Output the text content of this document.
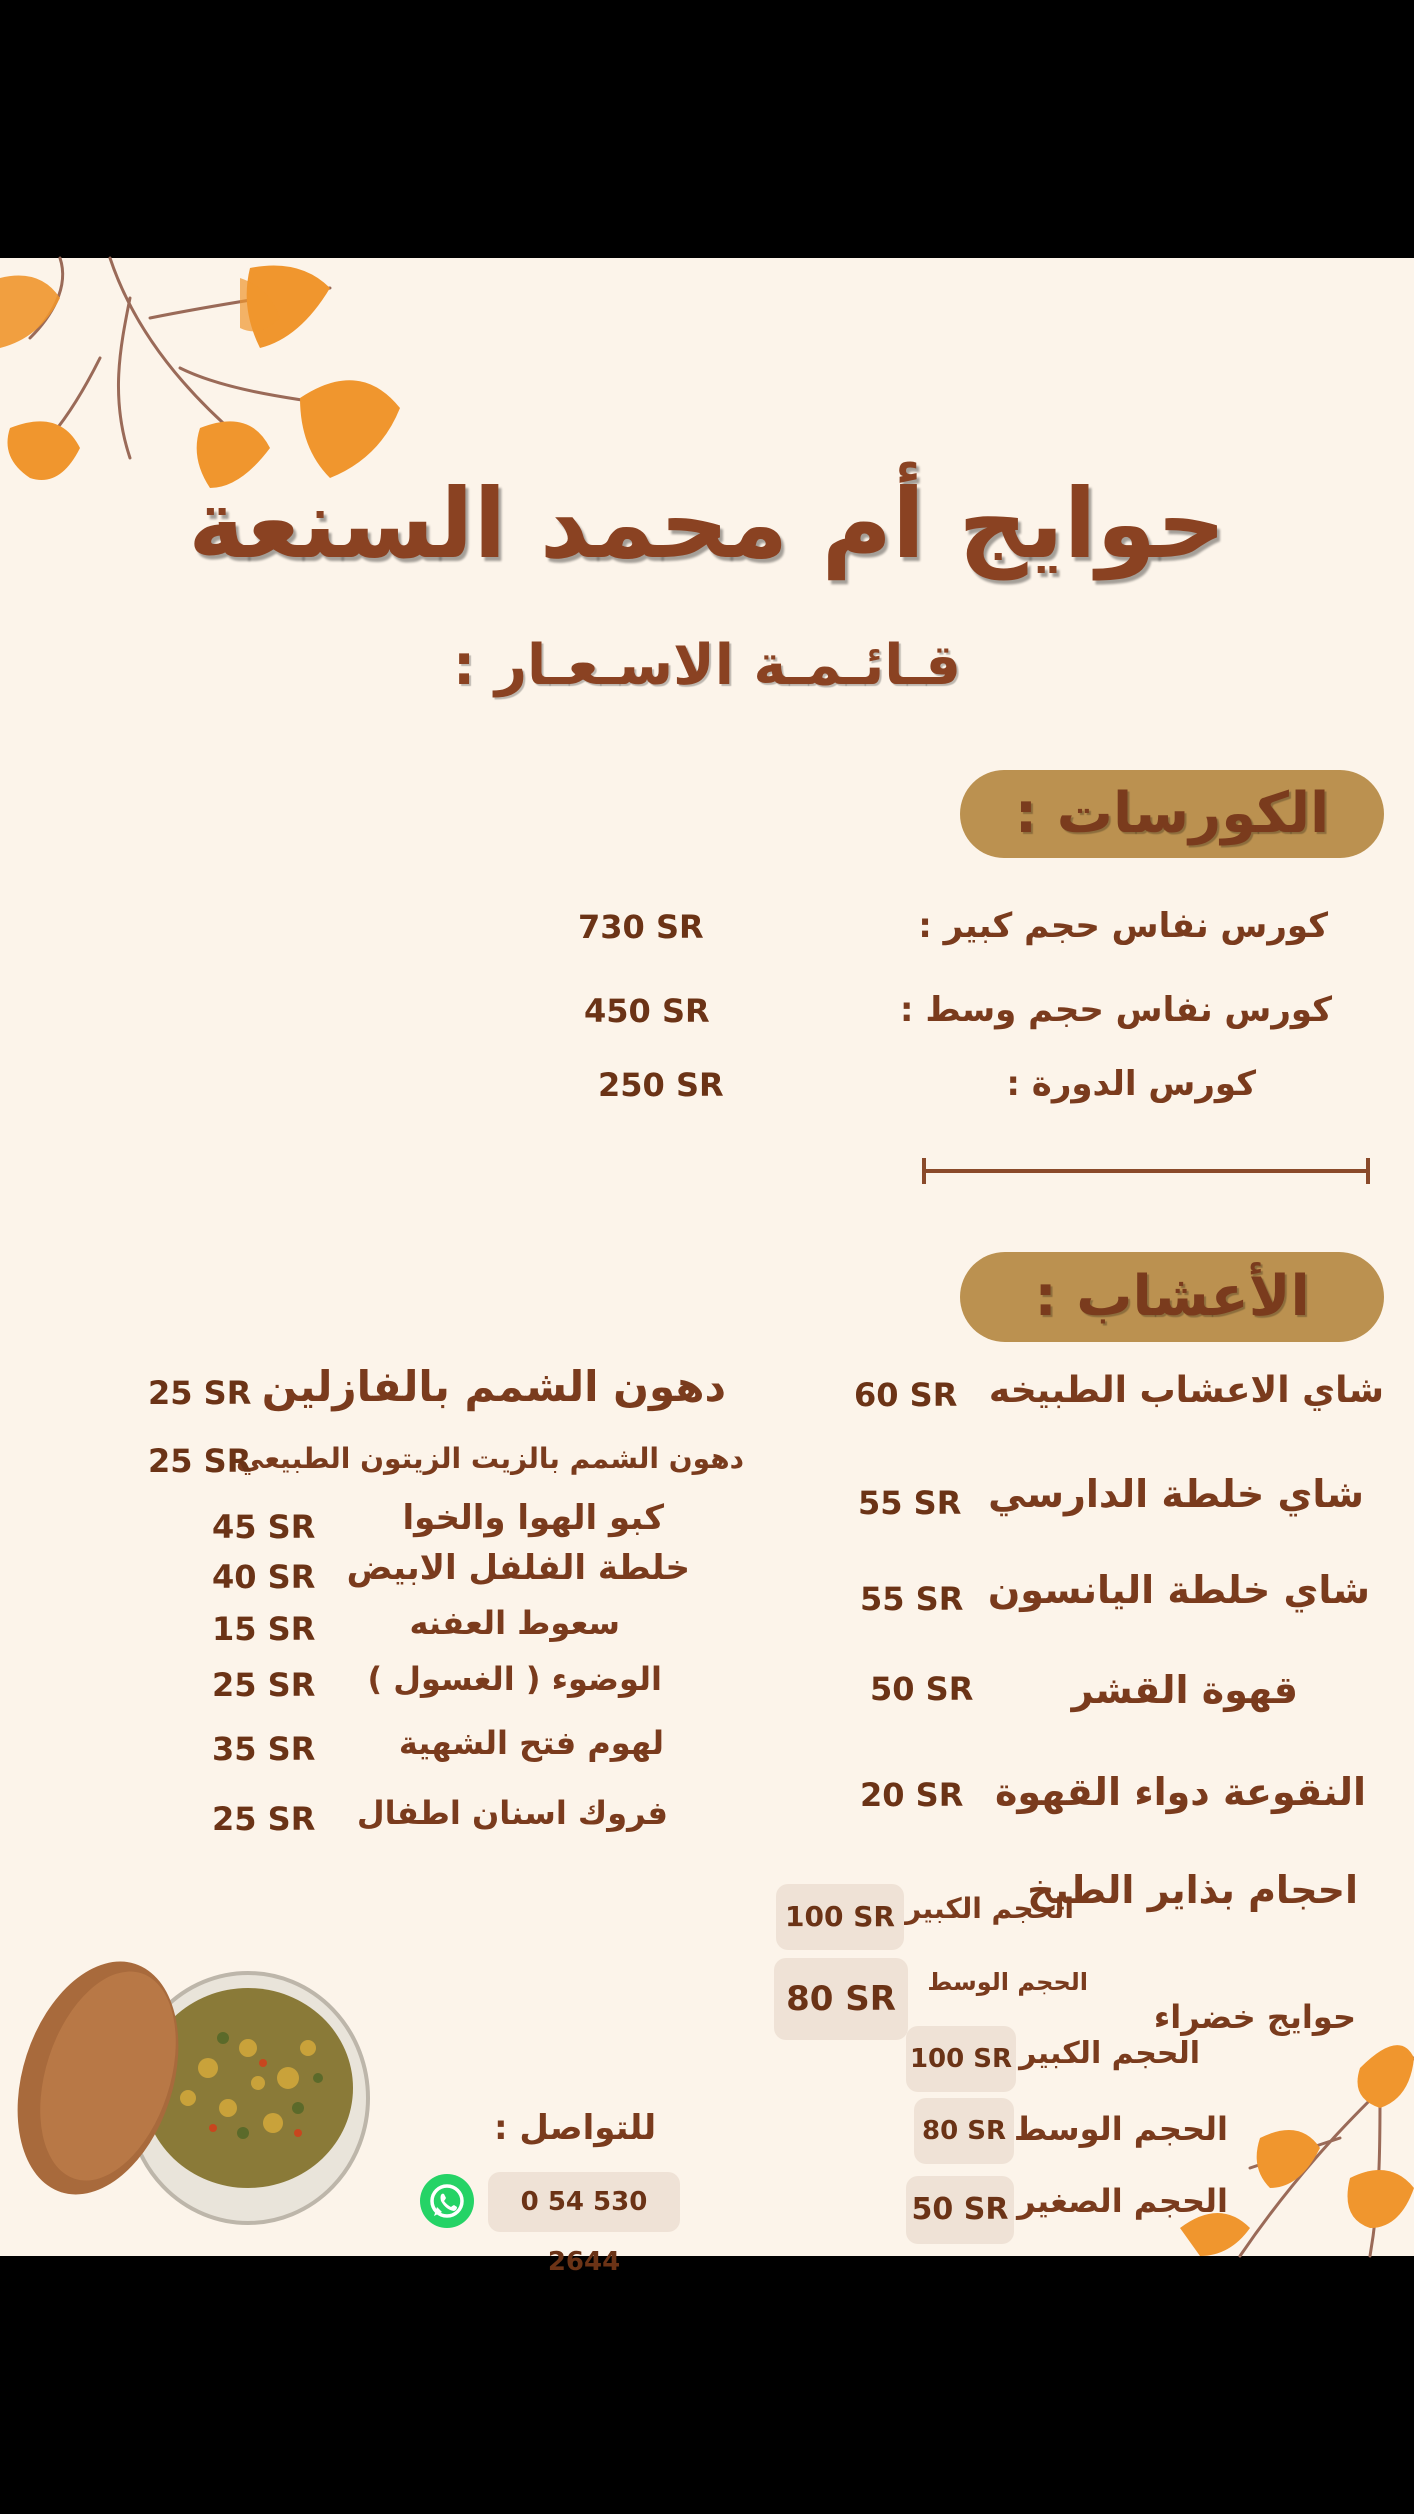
حوايج أم محمد السنعة
قـائـمـة الاسـعـار :
الكورسات :
كورس نفاس حجم كبير :
730 SR
كورس نفاس حجم وسط :
450 SR
كورس الدورة :
250 SR
الأعشاب :
شاي الاعشاب الطبيخه
60 SR
شاي خلطة الدارسي
55 SR
شاي خلطة اليانسون
55 SR
قهوة القشر
50 SR
النقوعة دواء القهوة
20 SR
دهون الشمم بالفازلين
25 SR
دهون الشمم بالزيت الزيتون الطبيعي
25 SR
كبو الهوا والخوا
45 SR
خلطة الفلفل الابيض
40 SR
سعوط العفنه
15 SR
الوضوء ( الغسول )
25 SR
لهوم فتح الشهية
35 SR
فروك اسنان اطفال
25 SR
احجام بذاير الطبخ
الحجم الكبير
100 SR
الحجم الوسط
80 SR	حوايج خضراء
الحجم الكبير
100 SR
الحجم الوسط
80 SR
الحجم الصغير
50 SR
للتواصل :
0 54 530 2644
